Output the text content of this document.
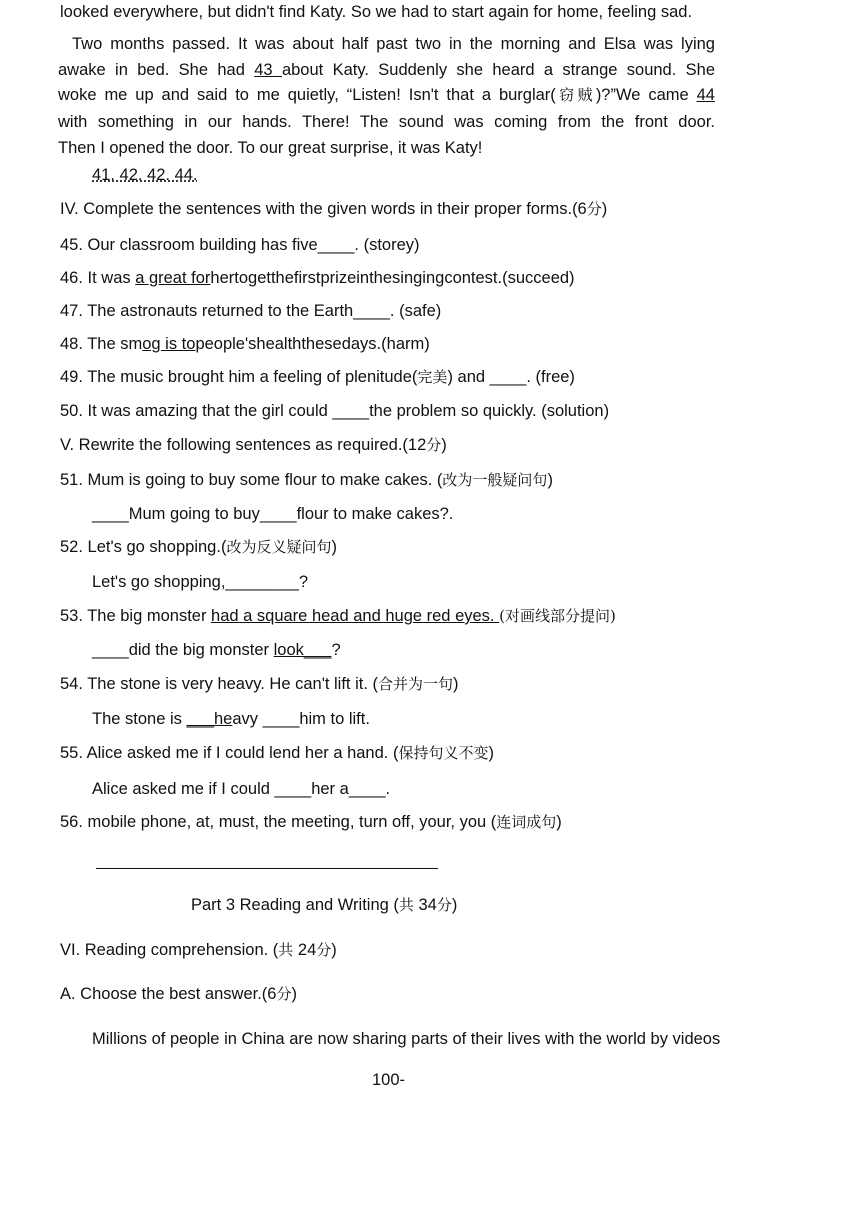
looked everywhere, but didn't find Katy. So we had to start again for home, feeling sad.
Two months passed. It was about half past two in the morning and Elsa was lying
awake in bed. She had 43 about Katy. Suddenly she heard a strange sound. She
woke me up and said to me quietly, “Listen! Isn't that a burglar(窃贼)?”We came 44
with something in our hands. There! The sound was coming from the front door.
Then I opened the door. To our great surprise, it was Katy!
41. 42. 42. 44.
IV. Complete the sentences with the given words in their proper forms.(6分)
45. Our classroom building has five____. (storey)
46. It was a great forhertogetthefirstprizeinthesingingcontest.(succeed)
47. The astronauts returned to the Earth____. (safe)
48. The smog is topeople'shealththesedays.(harm)
49. The music brought him a feeling of plenitude(完美) and ____. (free)
50. It was amazing that the girl could ____the problem so quickly. (solution)
V. Rewrite the following sentences as required.(12分)
51. Mum is going to buy some flour to make cakes. (改为一般疑问句)
____Mum going to buy____flour to make cakes?.
52. Let's go shopping.(改为反义疑问句)
Let's go shopping,________?
53. The big monster had a square head and huge red eyes. (对画线部分提问)
____did the big monster look___?
54. The stone is very heavy. He can't lift it. (合并为一句)
The stone is ___heavy ____him to lift.
55. Alice asked me if I could lend her a hand. (保持句义不变)
Alice asked me if I could ____her a____.
56. mobile phone, at, must, the meeting, turn off, your, you (连词成句)
Part 3 Reading and Writing (共 34分)
VI. Reading comprehension. (共 24分)
A. Choose the best answer.(6分)
Millions of people in China are now sharing parts of their lives with the world by videos
100-
